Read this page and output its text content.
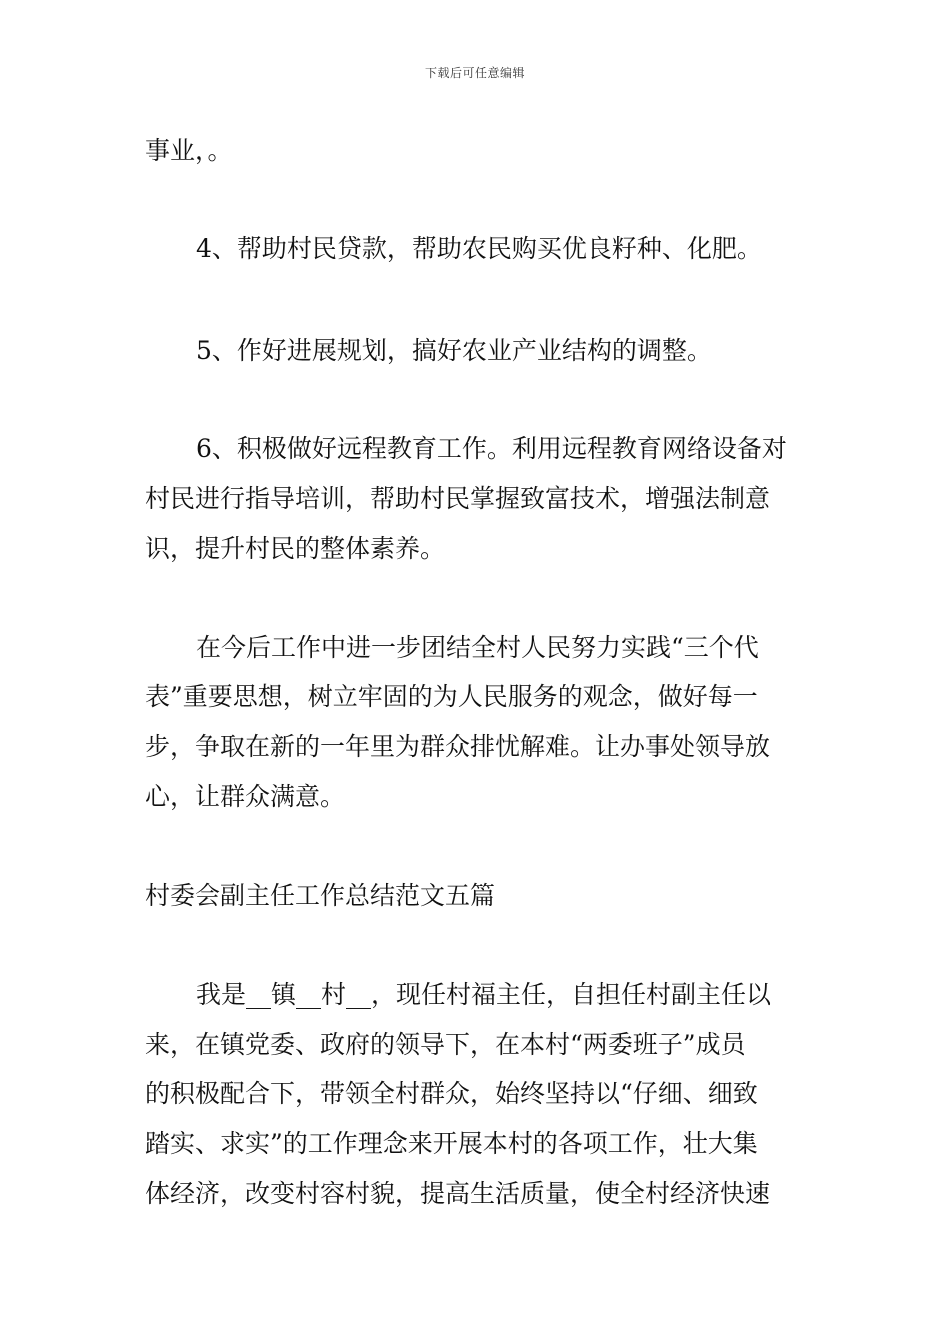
下载后可任意编辑
事业，。
4、帮助村民贷款，帮助农民购买优良籽种、化肥。
5、作好进展规划，搞好农业产业结构的调整。
6、积极做好远程教育工作。利用远程教育网络设备对
村民进行指导培训，帮助村民掌握致富技术，增强法制意
识，提升村民的整体素养。
在今后工作中进一步团结全村人民努力实践“三个代
表”重要思想，树立牢固的为人民服务的观念，做好每一
步，争取在新的一年里为群众排忧解难。让办事处领导放
心，让群众满意。
村委会副主任工作总结范文五篇
我是__镇__村__，现任村福主任，自担任村副主任以
来，在镇党委、政府的领导下，在本村“两委班子”成员
的积极配合下，带领全村群众，始终坚持以“仔细、细致
踏实、求实”的工作理念来开展本村的各项工作，壮大集
体经济，改变村容村貌，提高生活质量，使全村经济快速
